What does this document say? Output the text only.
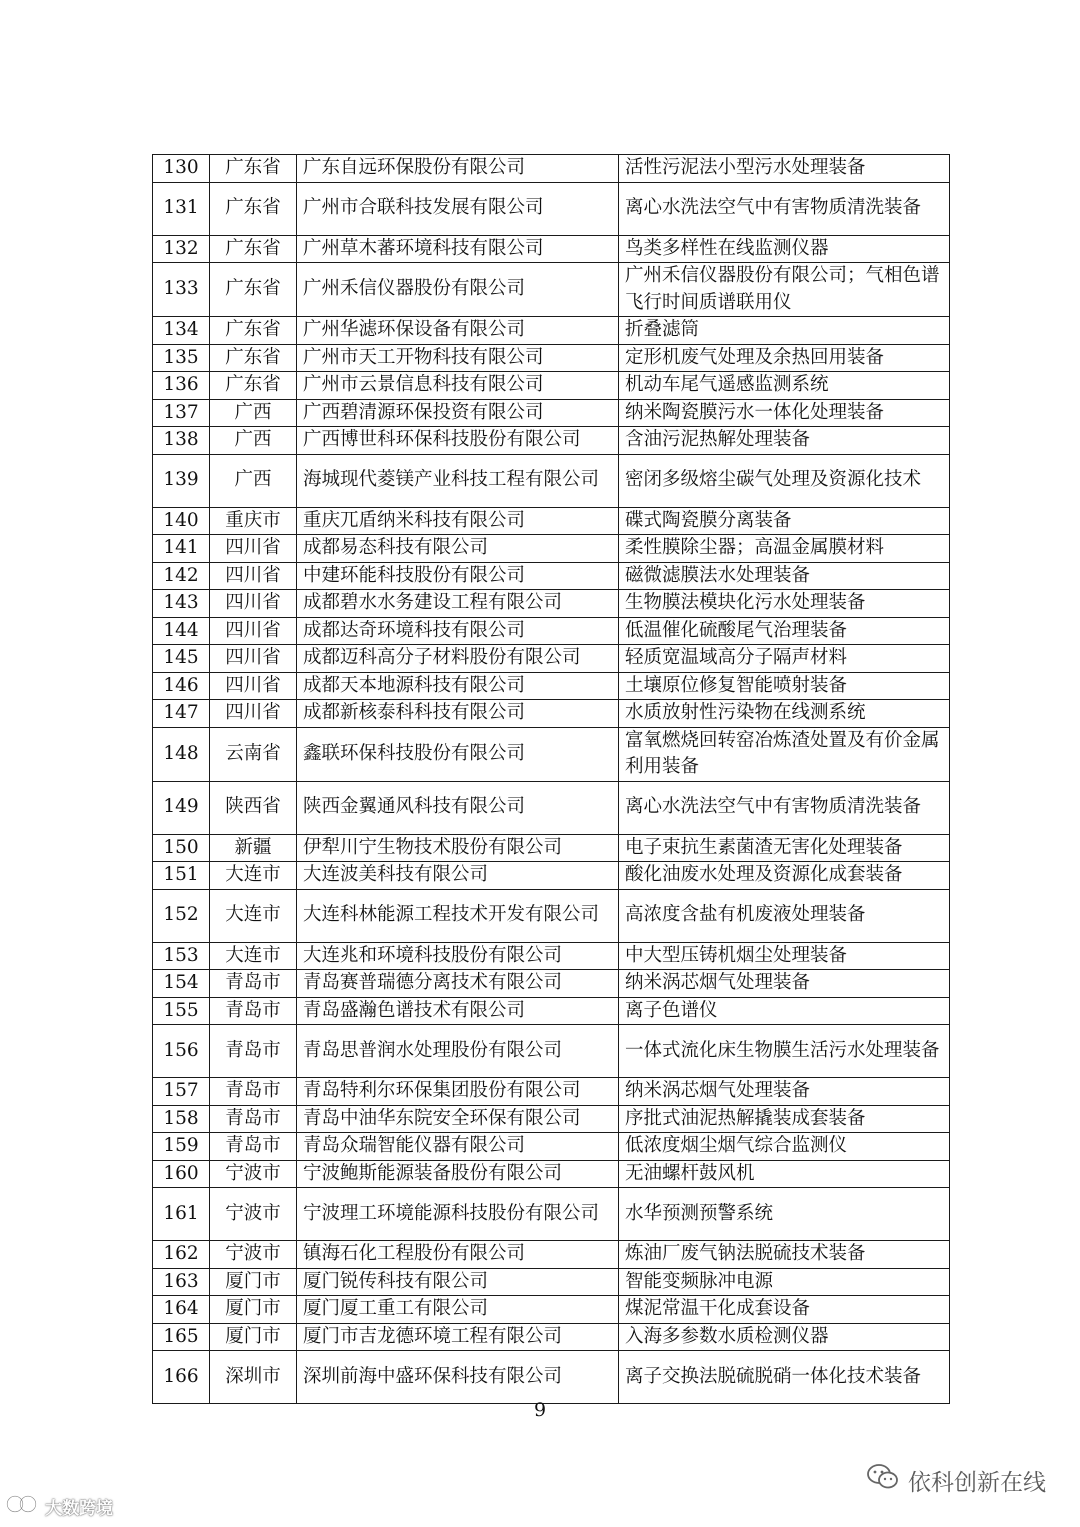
130	广东省	广东自远环保股份有限公司	活性污泥法小型污水处理装备
131	广东省	广州市合联科技发展有限公司	离心水洗法空气中有害物质清洗装备
132	广东省	广州草木蕃环境科技有限公司	鸟类多样性在线监测仪器
133	广东省	广州禾信仪器股份有限公司	广州禾信仪器股份有限公司；气相色谱飞行时间质谱联用仪
134	广东省	广州华滤环保设备有限公司	折叠滤筒
135	广东省	广州市天工开物科技有限公司	定形机废气处理及余热回用装备
136	广东省	广州市云景信息科技有限公司	机动车尾气遥感监测系统
137	广西	广西碧清源环保投资有限公司	纳米陶瓷膜污水一体化处理装备
138	广西	广西博世科环保科技股份有限公司	含油污泥热解处理装备
139	广西	海城现代菱镁产业科技工程有限公司	密闭多级熔尘碳气处理及资源化技术
140	重庆市	重庆兀盾纳米科技有限公司	碟式陶瓷膜分离装备
141	四川省	成都易态科技有限公司	柔性膜除尘器；高温金属膜材料
142	四川省	中建环能科技股份有限公司	磁微滤膜法水处理装备
143	四川省	成都碧水水务建设工程有限公司	生物膜法模块化污水处理装备
144	四川省	成都达奇环境科技有限公司	低温催化硫酸尾气治理装备
145	四川省	成都迈科高分子材料股份有限公司	轻质宽温域高分子隔声材料
146	四川省	成都天本地源科技有限公司	土壤原位修复智能喷射装备
147	四川省	成都新核泰科科技有限公司	水质放射性污染物在线测系统
148	云南省	鑫联环保科技股份有限公司	富氧燃烧回转窑冶炼渣处置及有价金属利用装备
149	陕西省	陕西金翼通风科技有限公司	离心水洗法空气中有害物质清洗装备
150	新疆	伊犁川宁生物技术股份有限公司	电子束抗生素菌渣无害化处理装备
151	大连市	大连波美科技有限公司	酸化油废水处理及资源化成套装备
152	大连市	大连科林能源工程技术开发有限公司	高浓度含盐有机废液处理装备
153	大连市	大连兆和环境科技股份有限公司	中大型压铸机烟尘处理装备
154	青岛市	青岛赛普瑞德分离技术有限公司	纳米涡芯烟气处理装备
155	青岛市	青岛盛瀚色谱技术有限公司	离子色谱仪
156	青岛市	青岛思普润水处理股份有限公司	一体式流化床生物膜生活污水处理装备
157	青岛市	青岛特利尔环保集团股份有限公司	纳米涡芯烟气处理装备
158	青岛市	青岛中油华东院安全环保有限公司	序批式油泥热解撬装成套装备
159	青岛市	青岛众瑞智能仪器有限公司	低浓度烟尘烟气综合监测仪
160	宁波市	宁波鲍斯能源装备股份有限公司	无油螺杆鼓风机
161	宁波市	宁波理工环境能源科技股份有限公司	水华预测预警系统
162	宁波市	镇海石化工程股份有限公司	炼油厂废气钠法脱硫技术装备
163	厦门市	厦门锐传科技有限公司	智能变频脉冲电源
164	厦门市	厦门厦工重工有限公司	煤泥常温干化成套设备
165	厦门市	厦门市吉龙德环境工程有限公司	入海多参数水质检测仪器
166	深圳市	深圳前海中盛环保科技有限公司	离子交换法脱硫脱硝一体化技术装备
9
依科创新在线
大数跨境
